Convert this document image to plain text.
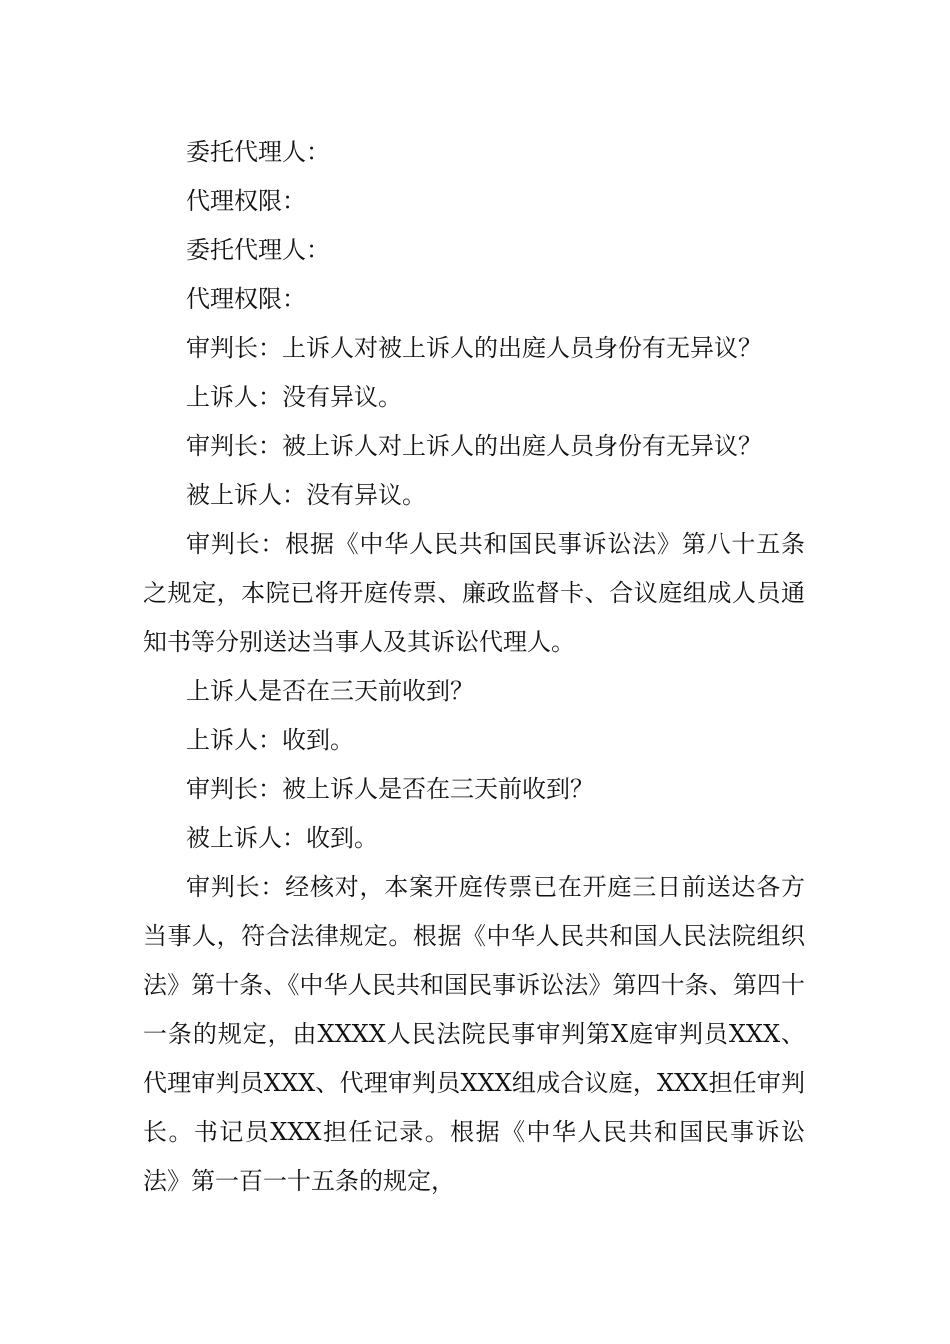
委托代理人：

代理权限：

委托代理人：

代理权限：

审判长：上诉人对被上诉人的出庭人员身份有无异议？

上诉人：没有异议。

审判长：被上诉人对上诉人的出庭人员身份有无异议？

被上诉人：没有异议。

审判长：根据《中华人民共和国民事诉讼法》第八十五条之规定，本院已将开庭传票、廉政监督卡、合议庭组成人员通知书等分别送达当事人及其诉讼代理人。

上诉人是否在三天前收到？

上诉人：收到。

审判长：被上诉人是否在三天前收到？

被上诉人：收到。

审判长：经核对，本案开庭传票已在开庭三日前送达各方当事人，符合法律规定。根据《中华人民共和国人民法院组织法》第十条、《中华人民共和国民事诉讼法》第四十条、第四十一条的规定，由XXXX人民法院民事审判第X庭审判员XXX、代理审判员XXX、代理审判员XXX组成合议庭，XXX担任审判长。书记员XXX担任记录。根据《中华人民共和国民事诉讼法》第一百一十五条的规定，
